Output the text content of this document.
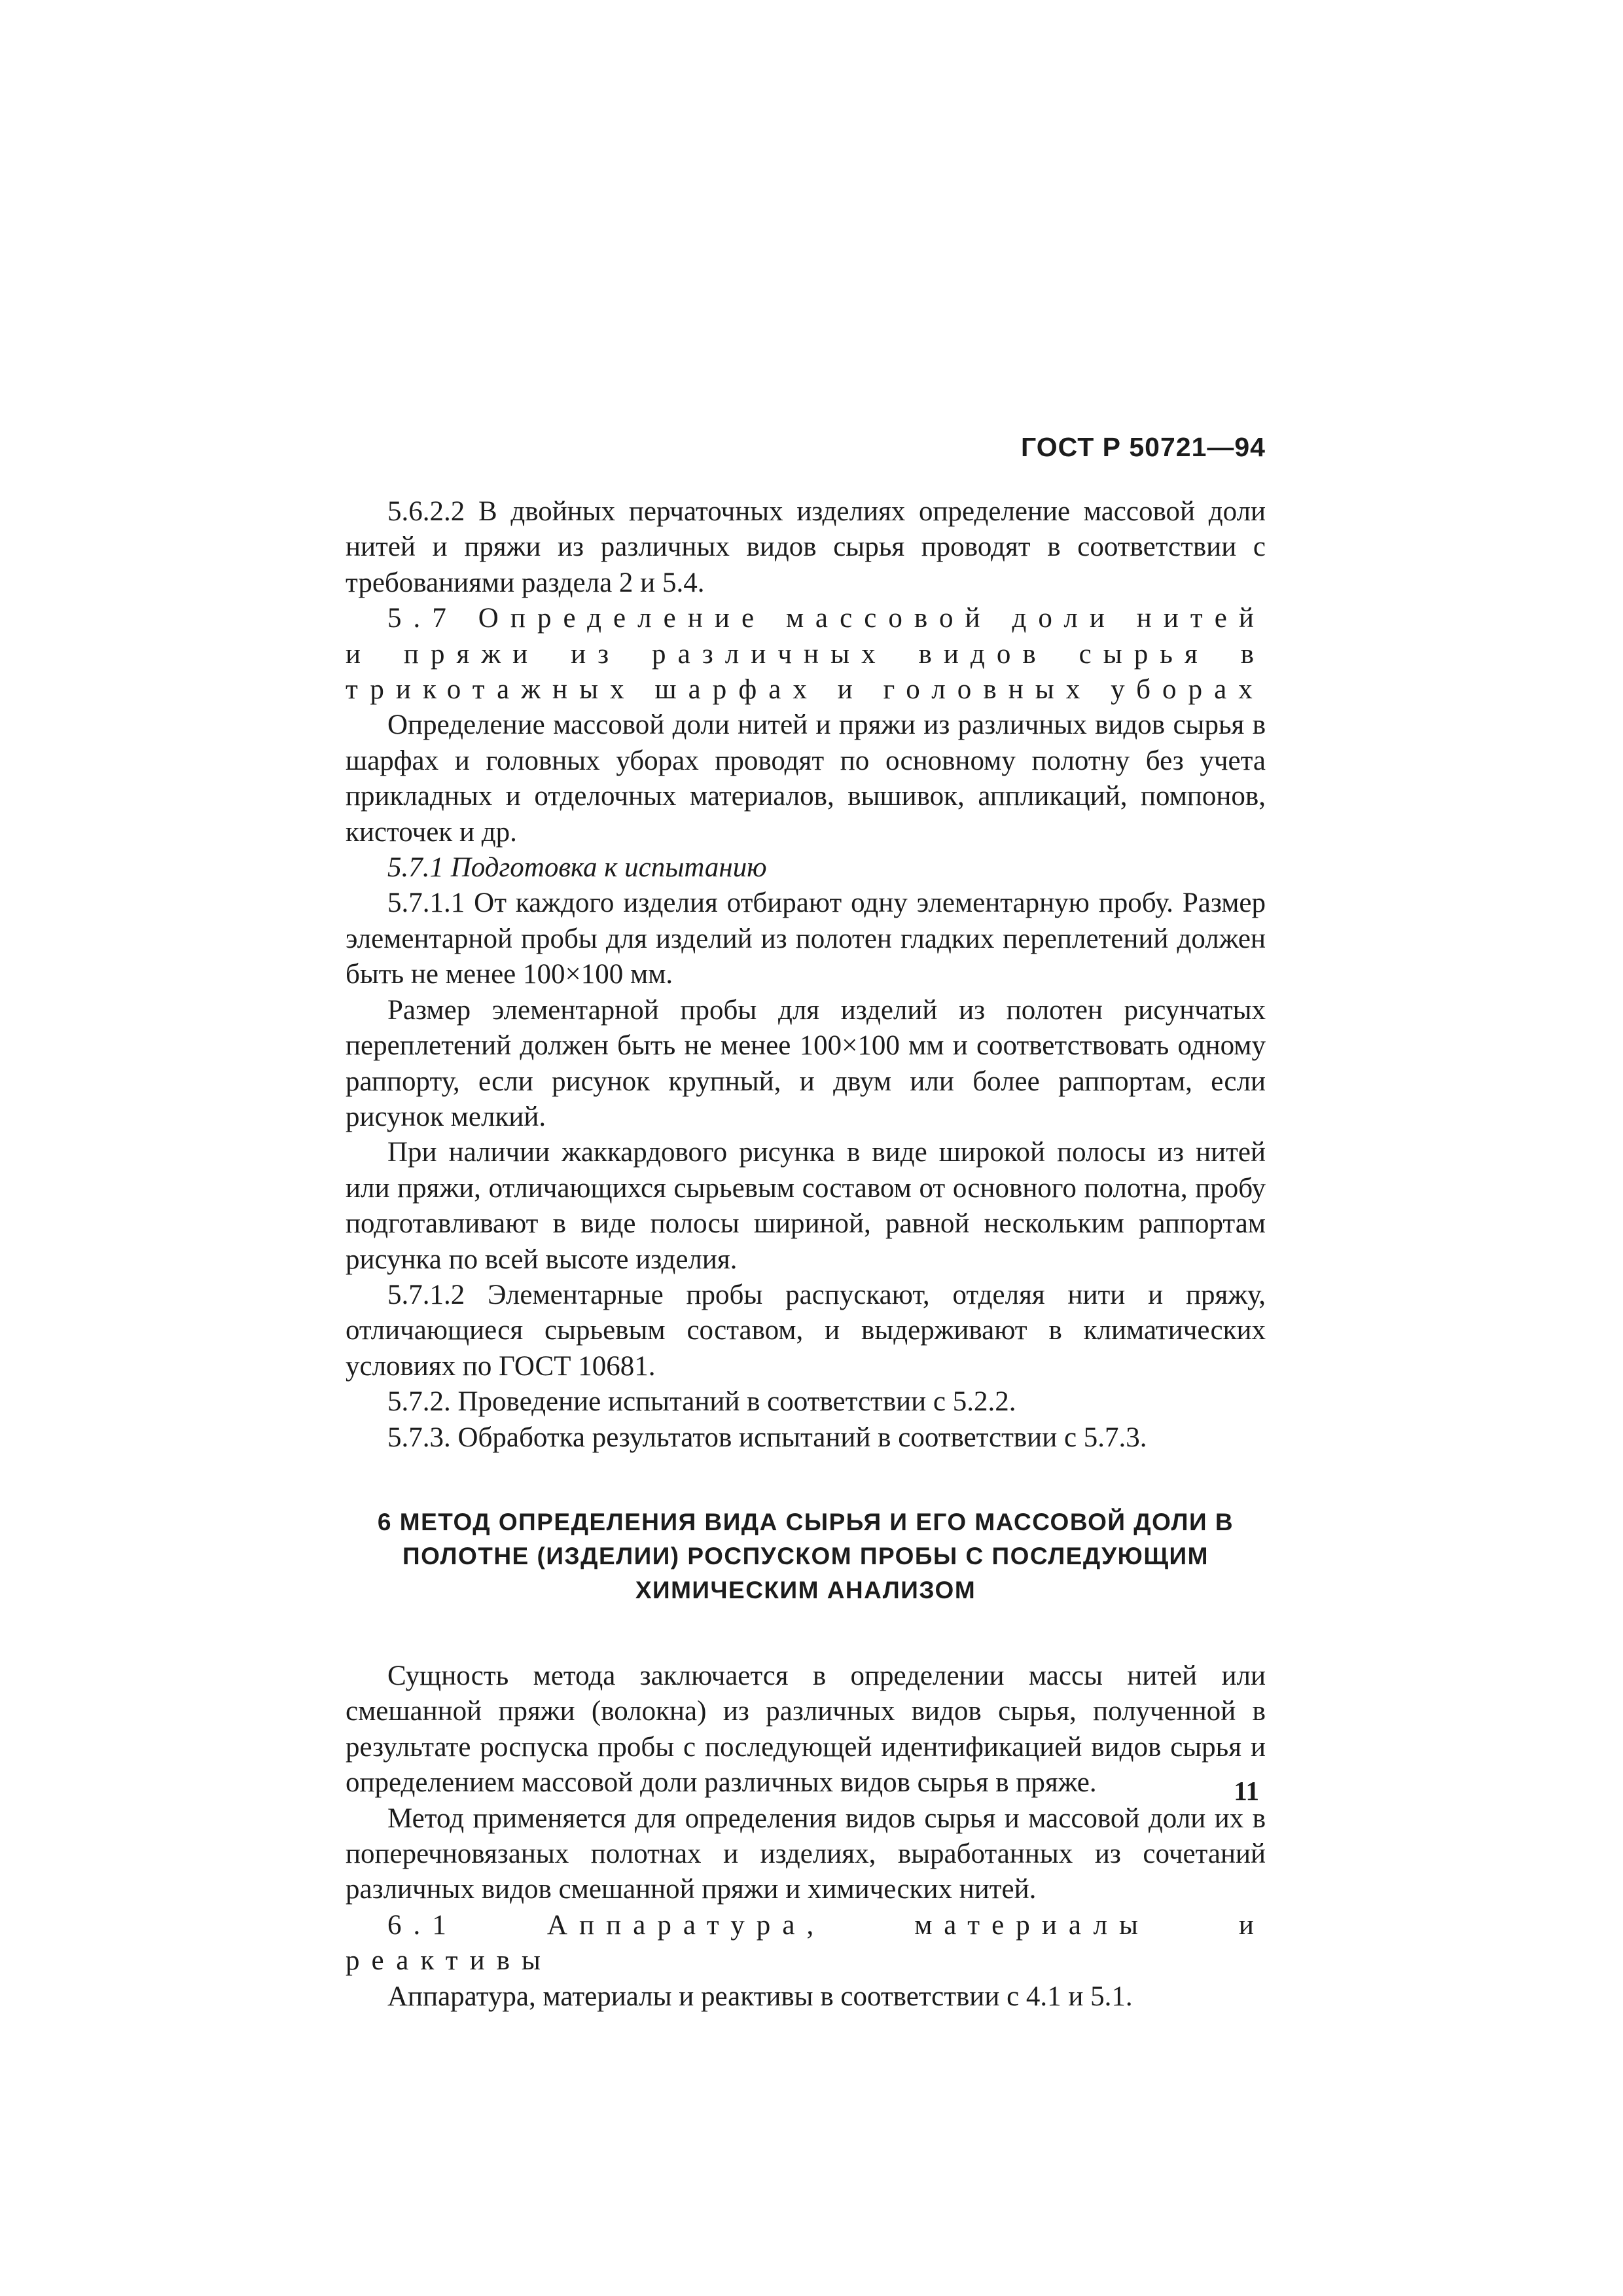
ГОСТ Р 50721—94

5.6.2.2 В двойных перчаточных изделиях определение массовой доли нитей и пряжи из различных видов сырья проводят в соответствии с требованиями раздела 2 и 5.4.

5.7 Определение массовой доли нитей и пряжи из различных видов сырья в трикотажных шарфах и головных уборах

Определение массовой доли нитей и пряжи из различных видов сырья в шарфах и головных уборах проводят по основному полотну без учета прикладных и отделочных материалов, вышивок, аппликаций, помпонов, кисточек и др.

5.7.1 Подготовка к испытанию

5.7.1.1 От каждого изделия отбирают одну элементарную пробу. Размер элементарной пробы для изделий из полотен гладких переплетений должен быть не менее 100×100 мм.

Размер элементарной пробы для изделий из полотен рисунчатых переплетений должен быть не менее 100×100 мм и соответствовать одному раппорту, если рисунок крупный, и двум или более раппортам, если рисунок мелкий.

При наличии жаккардового рисунка в виде широкой полосы из нитей или пряжи, отличающихся сырьевым составом от основного полотна, пробу подготавливают в виде полосы шириной, равной нескольким раппортам рисунка по всей высоте изделия.

5.7.1.2 Элементарные пробы распускают, отделяя нити и пряжу, отличающиеся сырьевым составом, и выдерживают в климатических условиях по ГОСТ 10681.

5.7.2. Проведение испытаний в соответствии с 5.2.2.

5.7.3. Обработка результатов испытаний в соответствии с 5.7.3.

6 МЕТОД ОПРЕДЕЛЕНИЯ ВИДА СЫРЬЯ И ЕГО МАССОВОЙ ДОЛИ В ПОЛОТНЕ (ИЗДЕЛИИ) РОСПУСКОМ ПРОБЫ С ПОСЛЕДУЮЩИМ ХИМИЧЕСКИМ АНАЛИЗОМ

Сущность метода заключается в определении массы нитей или смешанной пряжи (волокна) из различных видов сырья, полученной в результате роспуска пробы с последующей идентификацией видов сырья и определением массовой доли различных видов сырья в пряже.

Метод применяется для определения видов сырья и массовой доли их в поперечновязаных полотнах и изделиях, выработанных из сочетаний различных видов смешанной пряжи и химических нитей.

6.1 Аппаратура, материалы и реактивы

Аппаратура, материалы и реактивы в соответствии с 4.1 и 5.1.

11
